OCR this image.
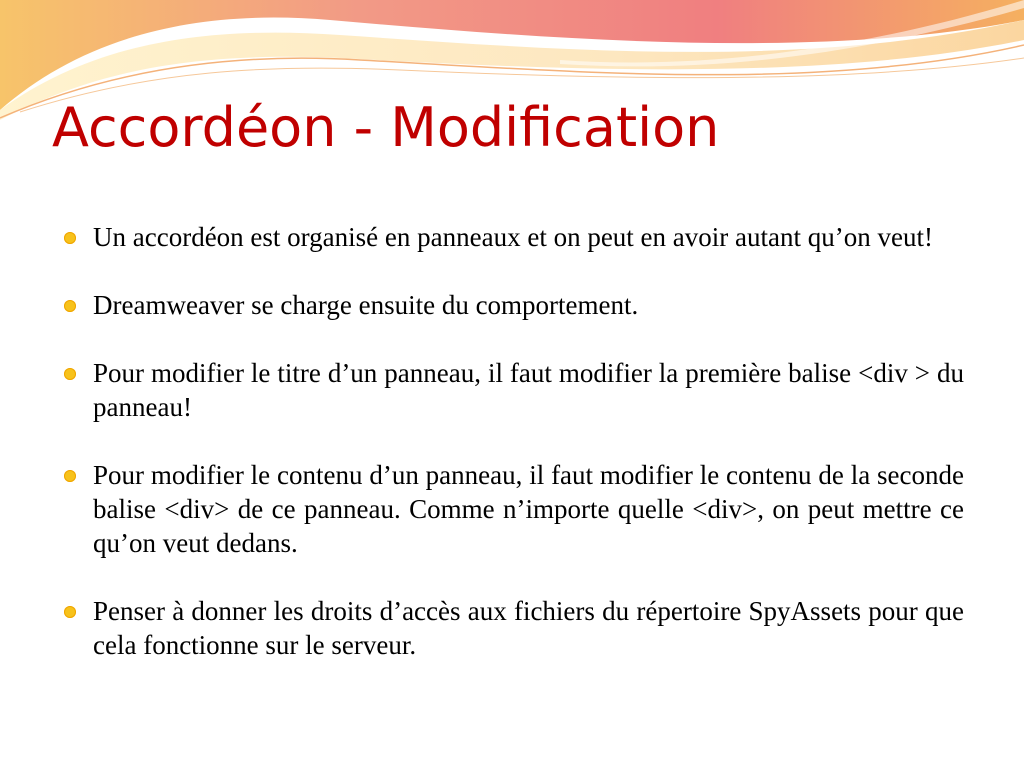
Accordéon - Modification
Un accordéon est organisé en panneaux et on peut en avoir autant qu’on veut!
Dreamweaver se charge ensuite du comportement.
Pour modifier le titre d’un panneau, il faut modifier la première balise <div > du panneau!
Pour modifier le contenu d’un panneau, il faut modifier le contenu de la seconde balise <div> de ce panneau. Comme n’importe quelle <div>, on peut mettre ce qu’on veut dedans.
Penser à donner les droits d’accès aux fichiers du répertoire SpyAssets pour que cela fonctionne sur le serveur.
